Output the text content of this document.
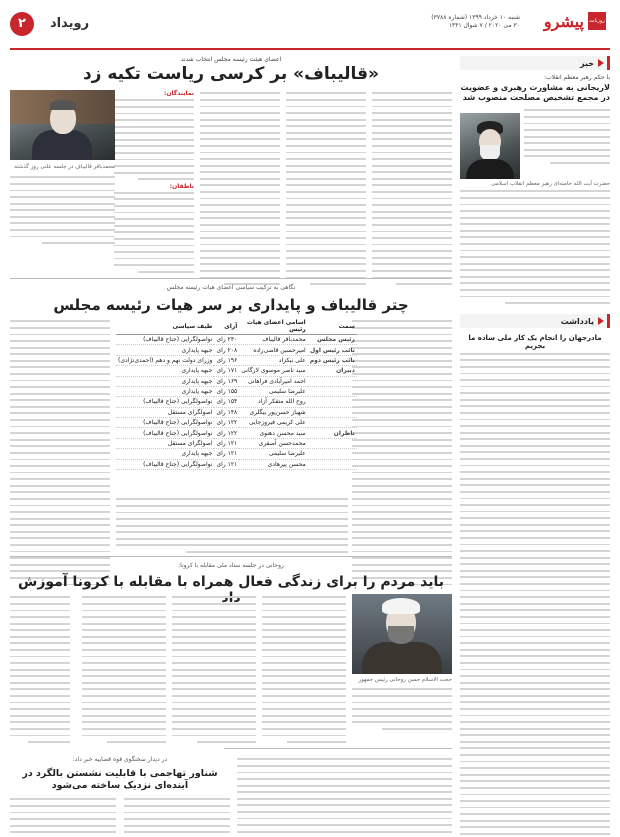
روزنامه
پیشرو
شنبه ۱۰ خرداد ۱۳۹۹ (شماره ۳۷۸۸)
۳۰ می ۲۰۲۰ / ۷ شوال ۱۴۴۱
رویداد
۲
خبر
با حکم رهبر معظم انقلاب:
لاریجانی به مشاورت رهبری و عضویت در مجمع تشخیص مصلحت منصوب شد
حضرت آیت الله خامنه‌ای رهبر معظم انقلاب اسلامی
یادداشت
مادرجهان را انجام یک کار ملی ساده ما بجریم
اعضای هیئت رئیسه مجلس انتخاب شدند
«قالیباف» بر کرسی ریاست تکیه زد
نمایندگان:
ناطقان:
محمدباقر قالیباف در جلسه علنی روز گذشته
نگاهی به ترکیب سیاسی اعضای هیات رئیسه مجلس
چتر قالیباف و پایداری بر سر هیات رئیسه مجلس
سمت	اسامی اعضای هیات رئیس	آرای	طیف سیاسی
رئیس مجلس	محمدباقر قالیباف	۲۳۰ رای	نواصولگرایی (جناح قالیباف)
نائب رئیس اول	امیرحسین قاضی‌زاده	۲۰۸ رای	جبهه پایداری
نائب رئیس دوم	علی نیکزاد	۱۹۶ رای	وزرای دولت نهم و دهم (احمدی‌نژادی)
دبیران	سید ناصر موسوی لارگانی	۱۷۱ رای	جبهه پایداری
	احمد امیرآبادی فراهانی	۱۶۹ رای	جبهه پایداری
	علیرضا سلیمی	۱۵۵ رای	جبهه پایداری
	روح الله متفکر آزاد	۱۵۴ رای	نواصولگرایی (جناح قالیباف)
	شهباز حسن‌پور بیگلری	۱۴۸ رای	اصولگرای مستقل
	علی کریمی فیروزجایی	۱۲۲ رای	نواصولگرایی (جناح قالیباف)
ناظران	سید محسن دهنوی	۱۲۲ رای	نواصولگرایی (جناح قالیباف)
	محمدحسن آصفری	۱۲۱ رای	اصولگرای مستقل
	علیرضا سلیمی	۱۲۱ رای	جبهه پایداری
	محسن پیرهادی	۱۲۱ رای	نواصولگرایی (جناح قالیباف)
روحانی در جلسه ستاد ملی مقابله با کرونا:
باید مردم را برای زندگی فعال همراه با مقابله با کرونا آموزش
حجت الاسلام حسن روحانی رئیس جمهور
در دیدار سخنگوی قوه قضاییه خبر داد:
شناور تهاجمی با قابلیت نشستن بالگرد در آینده‌ای نزدیک ساخته می‌شود
